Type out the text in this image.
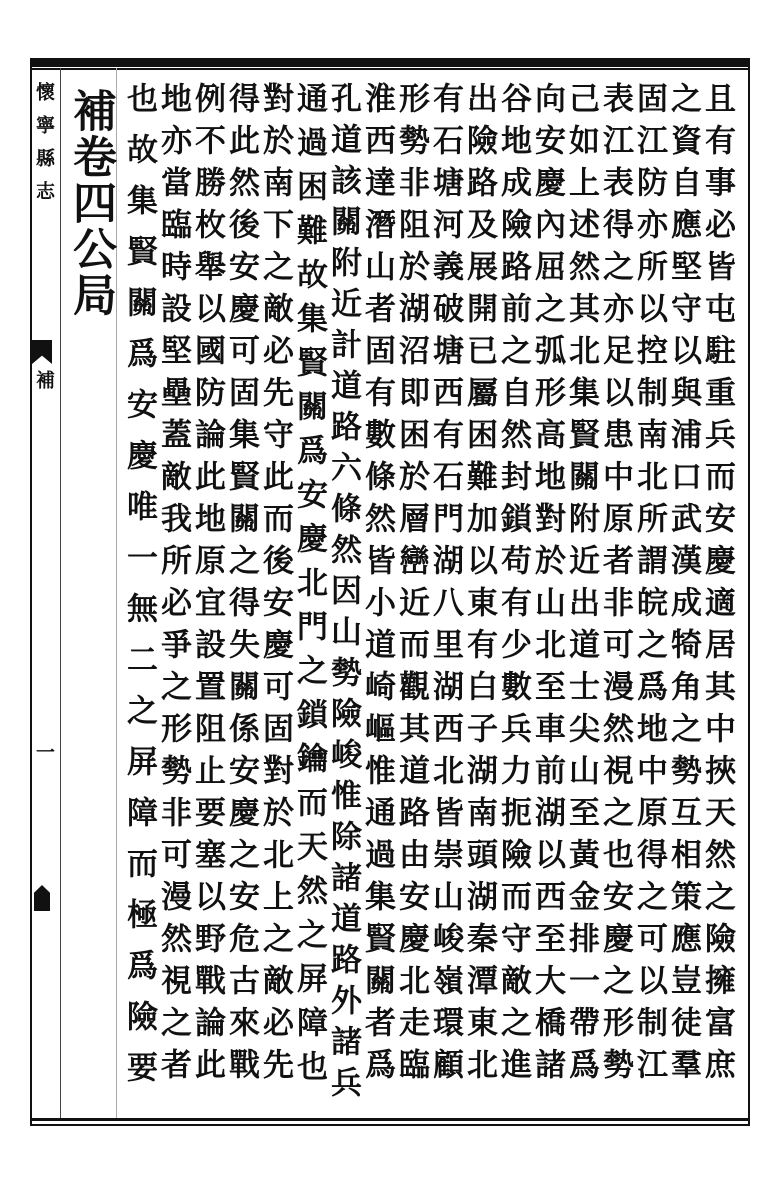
懷寧縣志
補
一
補卷四公局	且有事必皆屯駐重兵而安慶適居其中挾天然之險擁富庶
之資自應堅守以與浦口武漢成犄角之勢互相策應豈徒羣
固江防亦所以控制南北所謂皖之爲地中原得之可以制江
表江表得之亦足以患中原者非可漫然視之也安慶之形勢
己如上述然其北集賢關附近出道士尖山至黃金排一帶爲
向安慶內屈之弧形高地對於山北至車前湖以西至大橋諸
谷地成險路前之自然封鎖苟有少數兵力扼險而守敵之進
出險路及展開已屬困難加以東有白子湖南頭湖秦潭東北
有石塘河義破塘西有石門湖八里湖西北皆崇山峻嶺環顧
形勢非阻於湖沼即困於層巒近而觀其道路由安慶北走臨
淮西達潛山者固有數條然皆小道崎嶇惟通過集賢關者爲
孔道該關附近計道路六條然因山勢險峻惟除諸道路外諸兵
通過困難故集賢關爲安慶北門之鎖鑰而天然之屏障也
對於南下之敵必先守此而後安慶可固對於北上之敵必先
得此然後安慶可固集賢關之得失關係安慶之安危古來戰
例不勝枚舉以國防論此地原宜設置阻止要塞以野戰論此
地亦當臨時設堅壘蓋敵我所必爭之形勢非可漫然視之者
也故集賢關爲安慶唯一無二之屏障而極爲險要
